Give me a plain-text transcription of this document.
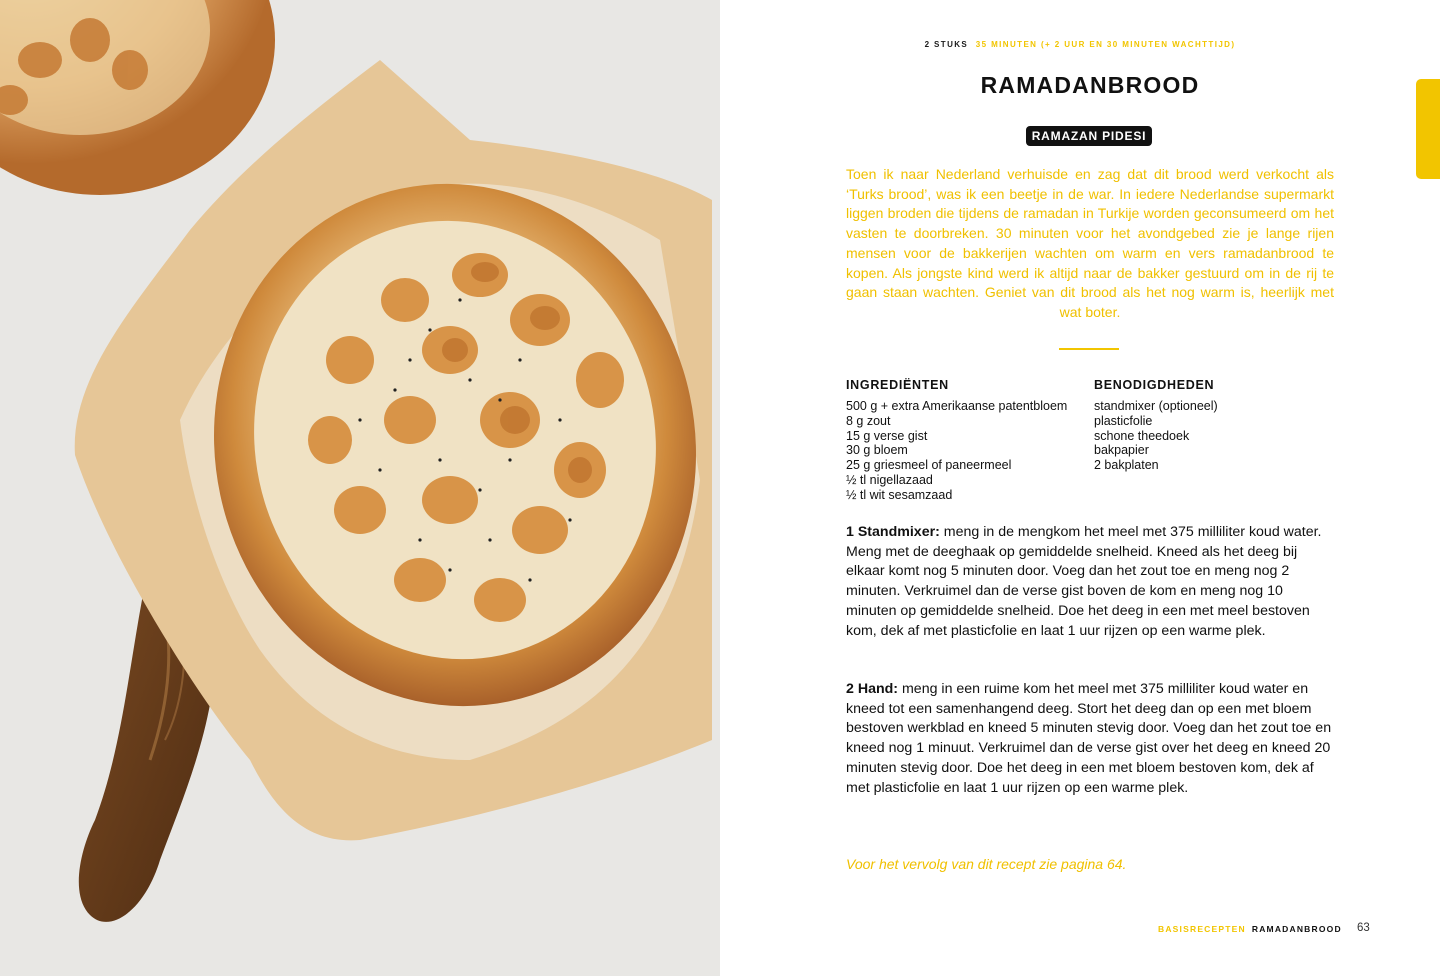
2 STUKS 35 MINUTEN (+ 2 UUR EN 30 MINUTEN WACHTTIJD)
RAMADANBROOD
RAMAZAN PIDESI

Toen ik naar Nederland verhuisde en zag dat dit brood werd verkocht als ‘Turks brood’, was ik een beetje in de war. In iedere Nederlandse supermarkt liggen broden die tijdens de ramadan in Turkije worden geconsumeerd om het vasten te doorbreken. 30 minuten voor het avondgebed zie je lange rijen mensen voor de bakkerijen wachten om warm en vers ramadanbrood te kopen. Als jongste kind werd ik altijd naar de bakker gestuurd om in de rij te gaan staan wachten. Geniet van dit brood als het nog warm is, heerlijk met wat boter.

INGREDIËNTEN
500 g + extra Amerikaanse patentbloem
8 g zout
15 g verse gist
30 g bloem
25 g griesmeel of paneermeel
½ tl nigellazaad
½ tl wit sesamzaad
BENODIGDHEDEN
standmixer (optioneel)
plasticfolie
schone theedoek
bakpapier
2 bakplaten

1 Standmixer: meng in de mengkom het meel met 375 milliliter koud water. Meng met de deeghaak op gemiddelde snelheid. Kneed als het deeg bij elkaar komt nog 5 minuten door. Voeg dan het zout toe en meng nog 2 minuten. Verkruimel dan de verse gist boven de kom en meng nog 10 minuten op gemiddelde snelheid. Doe het deeg in een met meel bestoven kom, dek af met plasticfolie en laat 1 uur rijzen op een warme plek.

2 Hand: meng in een ruime kom het meel met 375 milliliter koud water en kneed tot een samenhangend deeg. Stort het deeg dan op een met bloem bestoven werkblad en kneed 5 minuten stevig door. Voeg dan het zout toe en kneed nog 1 minuut. Verkruimel dan de verse gist over het deeg en kneed 20 minuten stevig door. Doe het deeg in een met bloem bestoven kom, dek af met plasticfolie en laat 1 uur rijzen op een warme plek.

Voor het vervolg van dit recept zie pagina 64.

BASISRECEPTEN RAMADANBROOD 63
